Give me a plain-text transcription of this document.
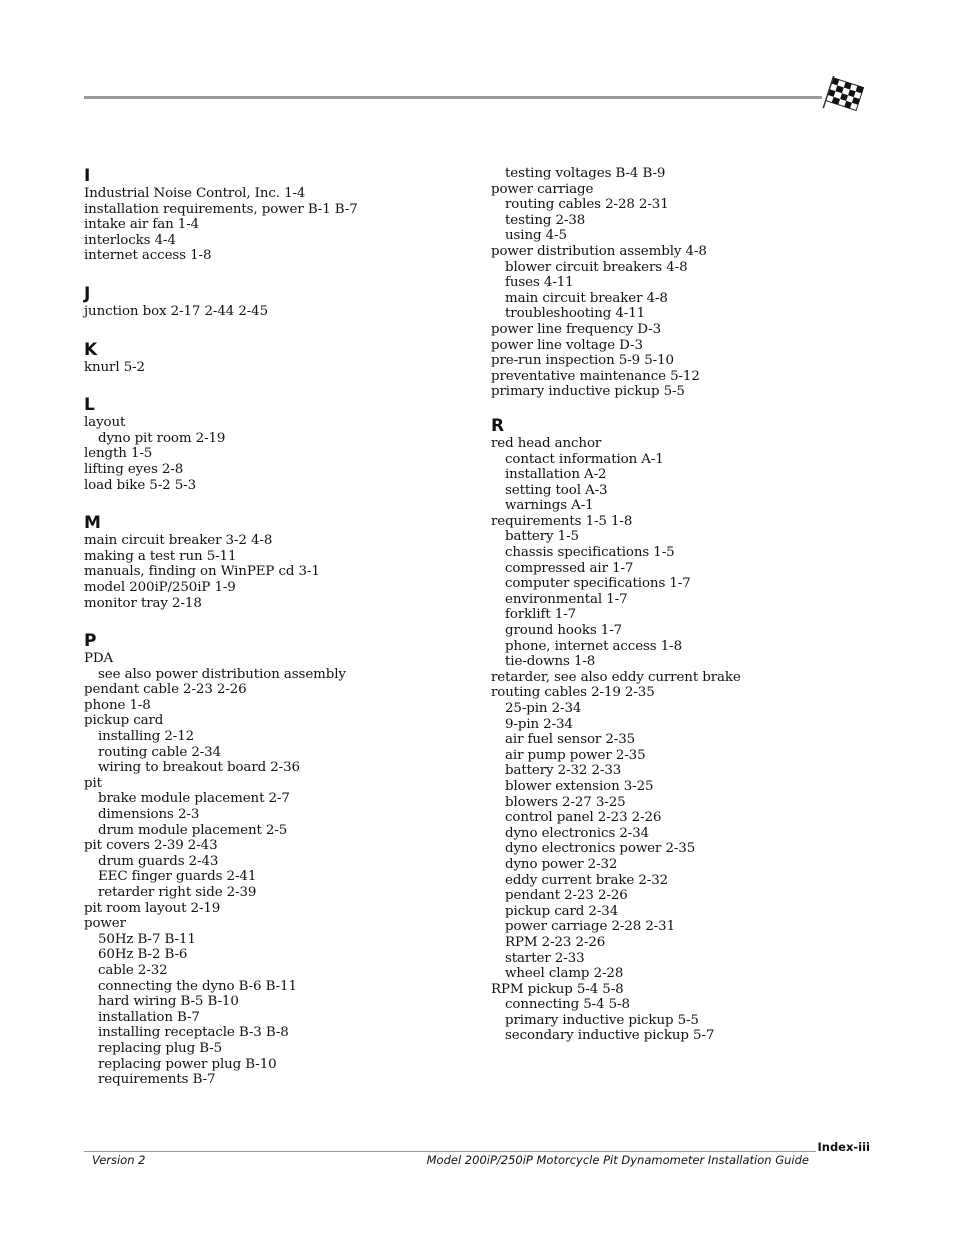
I
Industrial Noise Control, Inc. 1-4
installation requirements, power B-1 B-7
intake air fan 1-4
interlocks 4-4
internet access 1-8
J
junction box 2-17 2-44 2-45
K
knurl 5-2
L
layout
dyno pit room 2-19
length 1-5
lifting eyes 2-8
load bike 5-2 5-3
M
main circuit breaker 3-2 4-8
making a test run 5-11
manuals, finding on WinPEP cd 3-1
model 200iP/250iP 1-9
monitor tray 2-18
P
PDA
see also power distribution assembly
pendant cable 2-23 2-26
phone 1-8
pickup card
installing 2-12
routing cable 2-34
wiring to breakout board 2-36
pit
brake module placement 2-7
dimensions 2-3
drum module placement 2-5
pit covers 2-39 2-43
drum guards 2-43
EEC finger guards 2-41
retarder right side 2-39
pit room layout 2-19
power
50Hz B-7 B-11
60Hz B-2 B-6
cable 2-32
connecting the dyno B-6 B-11
hard wiring B-5 B-10
installation B-7
installing receptacle B-3 B-8
replacing plug B-5
replacing power plug B-10
requirements B-7
testing voltages B-4 B-9
power carriage
routing cables 2-28 2-31
testing 2-38
using 4-5
power distribution assembly 4-8
blower circuit breakers 4-8
fuses 4-11
main circuit breaker 4-8
troubleshooting 4-11
power line frequency D-3
power line voltage D-3
pre-run inspection 5-9 5-10
preventative maintenance 5-12
primary inductive pickup 5-5
R
red head anchor
contact information A-1
installation A-2
setting tool A-3
warnings A-1
requirements 1-5 1-8
battery 1-5
chassis specifications 1-5
compressed air 1-7
computer specifications 1-7
environmental 1-7
forklift 1-7
ground hooks 1-7
phone, internet access 1-8
tie-downs 1-8
retarder, see also eddy current brake
routing cables 2-19 2-35
25-pin 2-34
9-pin 2-34
air fuel sensor 2-35
air pump power 2-35
battery 2-32 2-33
blower extension 3-25
blowers 2-27 3-25
control panel 2-23 2-26
dyno electronics 2-34
dyno electronics power 2-35
dyno power 2-32
eddy current brake 2-32
pendant 2-23 2-26
pickup card 2-34
power carriage 2-28 2-31
RPM 2-23 2-26
starter 2-33
wheel clamp 2-28
RPM pickup 5-4 5-8
connecting 5-4 5-8
primary inductive pickup 5-5
secondary inductive pickup 5-7
Index-iii
Version 2	Model 200iP/250iP Motorcycle Pit Dynamometer Installation Guide
